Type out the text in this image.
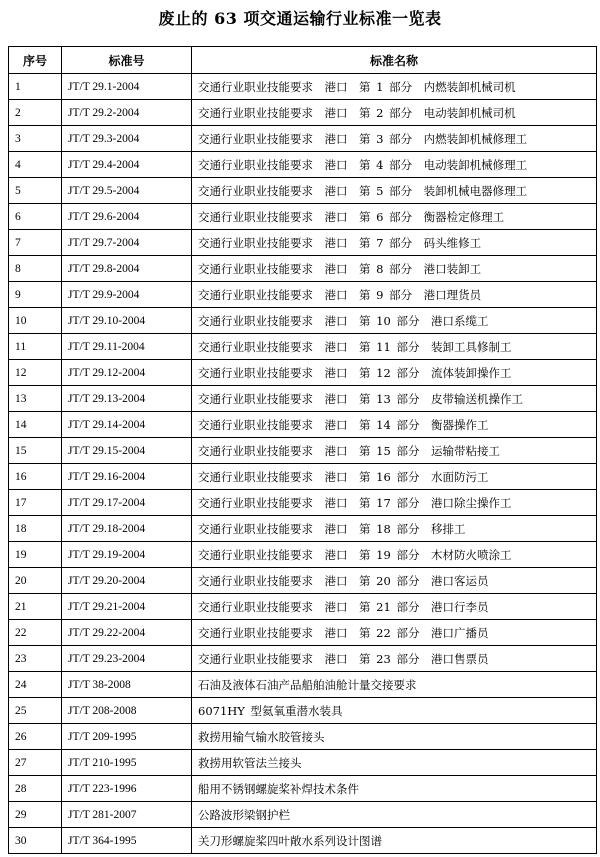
废止的 63 项交通运输行业标准一览表
序号	标准号	标准名称
1	JT/T 29.1-2004	交通行业职业技能要求　港口　第 1 部分　内燃装卸机械司机
2	JT/T 29.2-2004	交通行业职业技能要求　港口　第 2 部分　电动装卸机械司机
3	JT/T 29.3-2004	交通行业职业技能要求　港口　第 3 部分　内燃装卸机械修理工
4	JT/T 29.4-2004	交通行业职业技能要求　港口　第 4 部分　电动装卸机械修理工
5	JT/T 29.5-2004	交通行业职业技能要求　港口　第 5 部分　装卸机械电器修理工
6	JT/T 29.6-2004	交通行业职业技能要求　港口　第 6 部分　衡器检定修理工
7	JT/T 29.7-2004	交通行业职业技能要求　港口　第 7 部分　码头维修工
8	JT/T 29.8-2004	交通行业职业技能要求　港口　第 8 部分　港口装卸工
9	JT/T 29.9-2004	交通行业职业技能要求　港口　第 9 部分　港口理货员
10	JT/T 29.10-2004	交通行业职业技能要求　港口　第 10 部分　港口系缆工
11	JT/T 29.11-2004	交通行业职业技能要求　港口　第 11 部分　装卸工具修制工
12	JT/T 29.12-2004	交通行业职业技能要求　港口　第 12 部分　流体装卸操作工
13	JT/T 29.13-2004	交通行业职业技能要求　港口　第 13 部分　皮带输送机操作工
14	JT/T 29.14-2004	交通行业职业技能要求　港口　第 14 部分　衡器操作工
15	JT/T 29.15-2004	交通行业职业技能要求　港口　第 15 部分　运输带粘接工
16	JT/T 29.16-2004	交通行业职业技能要求　港口　第 16 部分　水面防污工
17	JT/T 29.17-2004	交通行业职业技能要求　港口　第 17 部分　港口除尘操作工
18	JT/T 29.18-2004	交通行业职业技能要求　港口　第 18 部分　移排工
19	JT/T 29.19-2004	交通行业职业技能要求　港口　第 19 部分　木材防火喷涂工
20	JT/T 29.20-2004	交通行业职业技能要求　港口　第 20 部分　港口客运员
21	JT/T 29.21-2004	交通行业职业技能要求　港口　第 21 部分　港口行李员
22	JT/T 29.22-2004	交通行业职业技能要求　港口　第 22 部分　港口广播员
23	JT/T 29.23-2004	交通行业职业技能要求　港口　第 23 部分　港口售票员
24	JT/T 38-2008	石油及液体石油产品船舶油舱计量交接要求
25	JT/T 208-2008	6071HY 型氦氧重潜水装具
26	JT/T 209-1995	救捞用输气输水胶管接头
27	JT/T 210-1995	救捞用软管法兰接头
28	JT/T 223-1996	船用不锈钢螺旋桨补焊技术条件
29	JT/T 281-2007	公路波形梁钢护栏
30	JT/T 364-1995	关刀形螺旋桨四叶敞水系列设计图谱
